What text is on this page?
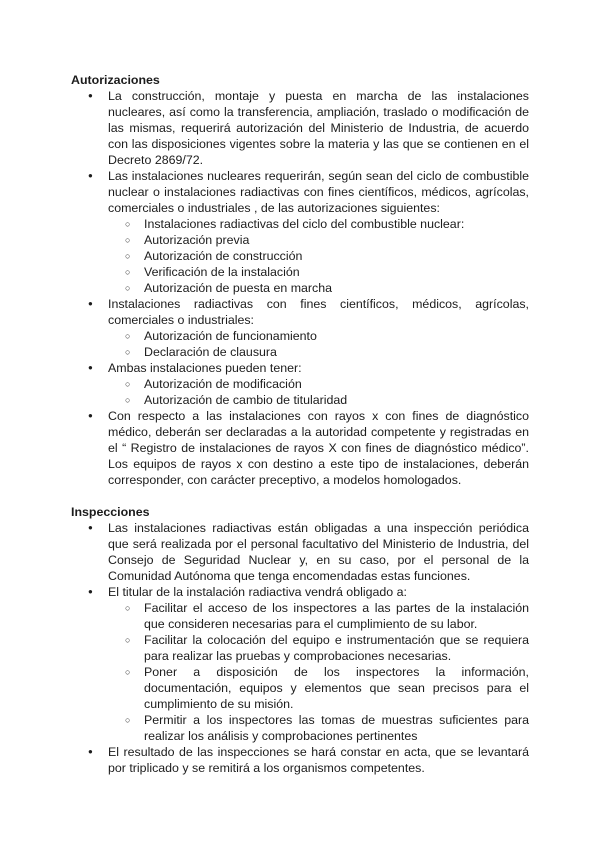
Autorizaciones
● La construcción, montaje y puesta en marcha de las instalaciones nucleares, así como la transferencia, ampliación, traslado o modificación de las mismas, requerirá autorización del Ministerio de Industria, de acuerdo con las disposiciones vigentes sobre la materia y las que se contienen en el Decreto 2869/72.
● Las instalaciones nucleares requerirán, según sean del ciclo de combustible nuclear o instalaciones radiactivas con fines científicos, médicos, agrícolas, comerciales o industriales , de las autorizaciones siguientes:
○ Instalaciones radiactivas del ciclo del combustible nuclear:
○ Autorización previa
○ Autorización de construcción
○ Verificación de la instalación
○ Autorización de puesta en marcha
● Instalaciones radiactivas con fines científicos, médicos, agrícolas, comerciales o industriales:
○ Autorización de funcionamiento
○ Declaración de clausura
● Ambas instalaciones pueden tener:
○ Autorización de modificación
○ Autorización de cambio de titularidad
● Con respecto a las instalaciones con rayos x con fines de diagnóstico médico, deberán ser declaradas a la autoridad competente y registradas en el “ Registro de instalaciones de rayos X con fines de diagnóstico médico”. Los equipos de rayos x con destino a este tipo de instalaciones, deberán corresponder, con carácter preceptivo, a modelos homologados.
Inspecciones
● Las instalaciones radiactivas están obligadas a una inspección periódica que será realizada por el personal facultativo del Ministerio de Industria, del Consejo de Seguridad Nuclear y, en su caso, por el personal de la Comunidad Autónoma que tenga encomendadas estas funciones.
● El titular de la instalación radiactiva vendrá obligado a:
○ Facilitar el acceso de los inspectores a las partes de la instalación que consideren necesarias para el cumplimiento de su labor.
○ Facilitar la colocación del equipo e instrumentación que se requiera para realizar las pruebas y comprobaciones necesarias.
○ Poner a disposición de los inspectores la información, documentación, equipos y elementos que sean precisos para el cumplimiento de su misión.
○ Permitir a los inspectores las tomas de muestras suficientes para realizar los análisis y comprobaciones pertinentes
● El resultado de las inspecciones se hará constar en acta, que se levantará por triplicado y se remitirá a los organismos competentes.
